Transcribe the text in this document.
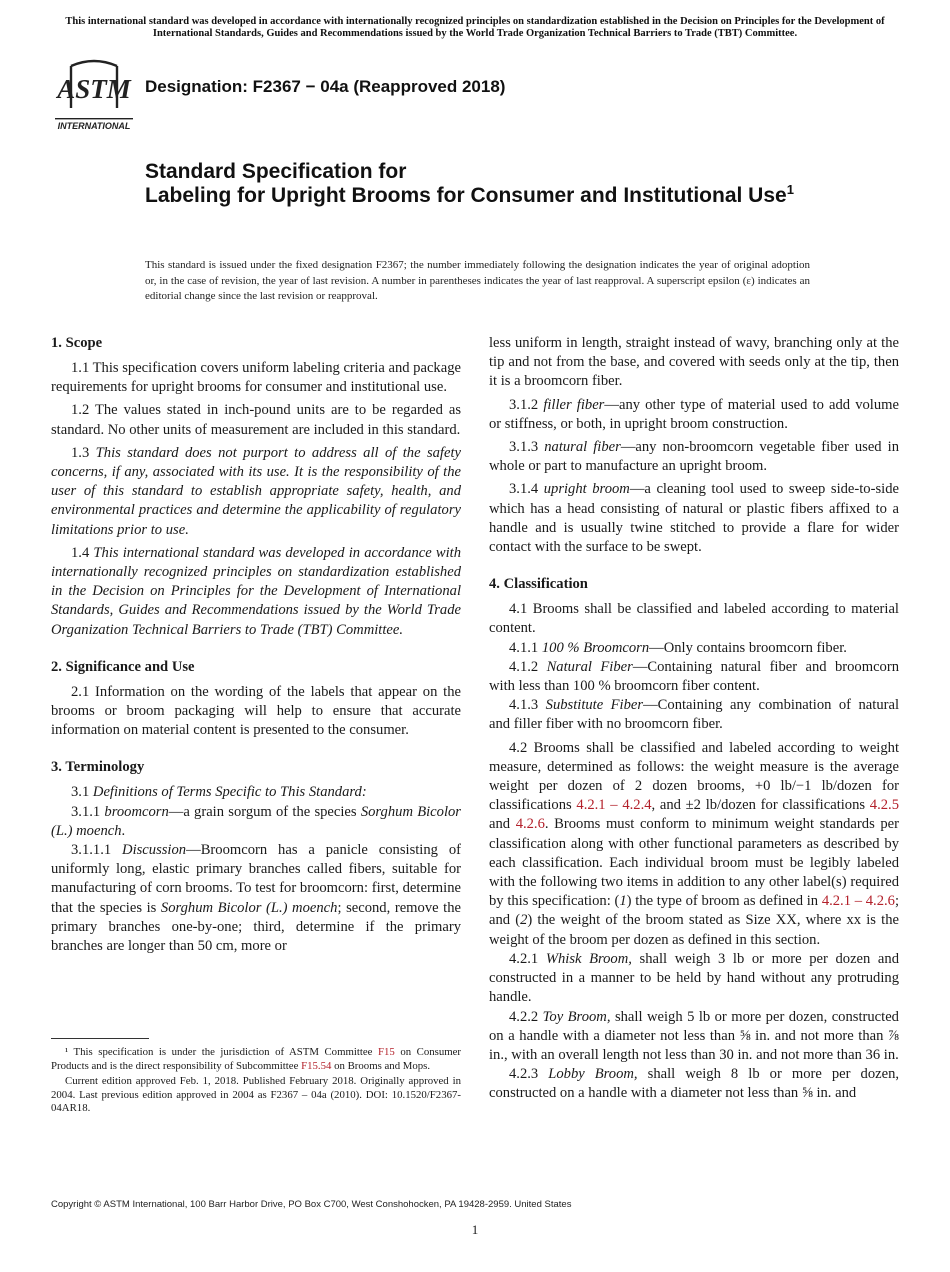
This international standard was developed in accordance with internationally recognized principles on standardization established in the Decision on Principles for the Development of International Standards, Guides and Recommendations issued by the World Trade Organization Technical Barriers to Trade (TBT) Committee.
ASTM
INTERNATIONAL
Designation: F2367 − 04a (Reapproved 2018)
Standard Specification for
Labeling for Upright Brooms for Consumer and Institutional Use$^1$
This standard is issued under the fixed designation F2367; the number immediately following the designation indicates the year of original adoption or, in the case of revision, the year of last revision. A number in parentheses indicates the year of last reapproval. A superscript epsilon (ε) indicates an editorial change since the last revision or reapproval.
1. Scope

1.1 This specification covers uniform labeling criteria and package requirements for upright brooms for consumer and institutional use.

1.2 The values stated in inch-pound units are to be regarded as standard. No other units of measurement are included in this standard.

1.3 This standard does not purport to address all of the safety concerns, if any, associated with its use. It is the responsibility of the user of this standard to establish appropriate safety, health, and environmental practices and determine the applicability of regulatory limitations prior to use.

1.4 This international standard was developed in accordance with internationally recognized principles on standardization established in the Decision on Principles for the Development of International Standards, Guides and Recommendations issued by the World Trade Organization Technical Barriers to Trade (TBT) Committee.

2. Significance and Use

2.1 Information on the wording of the labels that appear on the brooms or broom packaging will help to ensure that accurate information on material content is presented to the consumer.

3. Terminology

3.1 Definitions of Terms Specific to This Standard:

3.1.1 broomcorn—a grain sorgum of the species Sorghum Bicolor (L.) moench.

3.1.1.1 Discussion—Broomcorn has a panicle consisting of uniformly long, elastic primary branches called fibers, suitable for manufacturing of corn brooms. To test for broomcorn: first, determine that the species is Sorghum Bicolor (L.) moench; second, remove the primary branches one-by-one; third, determine if the primary branches are longer than 50 cm, more or

less uniform in length, straight instead of wavy, branching only at the tip and not from the base, and covered with seeds only at the tip, then it is a broomcorn fiber.

3.1.2 filler fiber—any other type of material used to add volume or stiffness, or both, in upright broom construction.

3.1.3 natural fiber—any non-broomcorn vegetable fiber used in whole or part to manufacture an upright broom.

3.1.4 upright broom—a cleaning tool used to sweep side-to-side which has a head consisting of natural or plastic fibers affixed to a handle and is usually twine stitched to provide a flare for wider contact with the surface to be swept.

4. Classification

4.1 Brooms shall be classified and labeled according to material content.

4.1.1 100 % Broomcorn—Only contains broomcorn fiber.

4.1.2 Natural Fiber—Containing natural fiber and broomcorn with less than 100 % broomcorn fiber content.

4.1.3 Substitute Fiber—Containing any combination of natural and filler fiber with no broomcorn fiber.

4.2 Brooms shall be classified and labeled according to weight measure, determined as follows: the weight measure is the average weight per dozen of 2 dozen brooms, +0 lb/−1 lb/dozen for classifications 4.2.1 – 4.2.4, and ±2 lb/dozen for classifications 4.2.5 and 4.2.6. Brooms must conform to minimum weight standards per classification along with other functional parameters as described by each classification. Each individual broom must be legibly labeled with the following two items in addition to any other label(s) required by this specification: (1) the type of broom as defined in 4.2.1 – 4.2.6; and (2) the weight of the broom stated as Size XX, where xx is the weight of the broom per dozen as defined in this section.

4.2.1 Whisk Broom, shall weigh 3 lb or more per dozen and constructed in a manner to be held by hand without any protruding handle.

4.2.2 Toy Broom, shall weigh 5 lb or more per dozen, constructed on a handle with a diameter not less than ⅝ in. and not more than ⅞ in., with an overall length not less than 30 in. and not more than 36 in.

4.2.3 Lobby Broom, shall weigh 8 lb or more per dozen, constructed on a handle with a diameter not less than ⅝ in. and

¹ This specification is under the jurisdiction of ASTM Committee F15 on Consumer Products and is the direct responsibility of Subcommittee F15.54 on Brooms and Mops.

Current edition approved Feb. 1, 2018. Published February 2018. Originally approved in 2004. Last previous edition approved in 2004 as F2367 – 04a (2010). DOI: 10.1520/F2367-04AR18.

Copyright © ASTM International, 100 Barr Harbor Drive, PO Box C700, West Conshohocken, PA 19428-2959. United States
1
